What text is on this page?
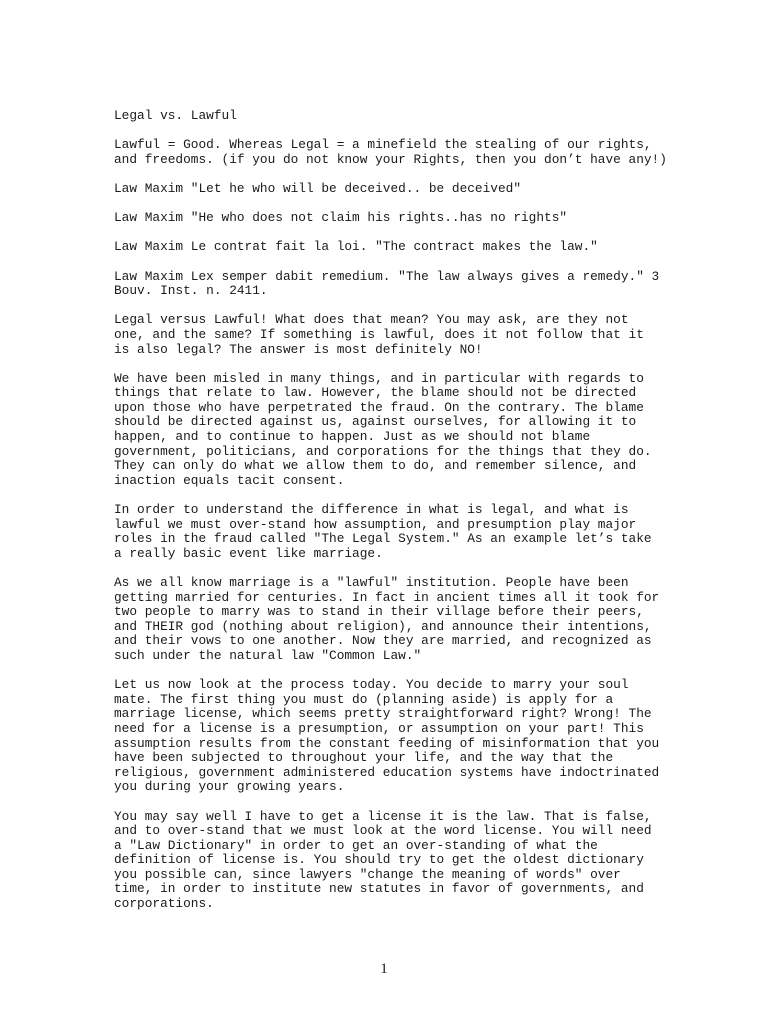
Legal vs. Lawful

Lawful = Good. Whereas Legal = a minefield the stealing of our rights,
and freedoms. (if you do not know your Rights, then you don’t have any!)

Law Maxim "Let he who will be deceived.. be deceived"

Law Maxim "He who does not claim his rights..has no rights"

Law Maxim Le contrat fait la loi. "The contract makes the law."

Law Maxim Lex semper dabit remedium. "The law always gives a remedy." 3
Bouv. Inst. n. 2411.

Legal versus Lawful! What does that mean? You may ask, are they not
one, and the same? If something is lawful, does it not follow that it
is also legal? The answer is most definitely NO!

We have been misled in many things, and in particular with regards to
things that relate to law. However, the blame should not be directed
upon those who have perpetrated the fraud. On the contrary. The blame
should be directed against us, against ourselves, for allowing it to
happen, and to continue to happen. Just as we should not blame
government, politicians, and corporations for the things that they do.
They can only do what we allow them to do, and remember silence, and
inaction equals tacit consent.

In order to understand the difference in what is legal, and what is
lawful we must over-stand how assumption, and presumption play major
roles in the fraud called "The Legal System." As an example let’s take
a really basic event like marriage.

As we all know marriage is a "lawful" institution. People have been
getting married for centuries. In fact in ancient times all it took for
two people to marry was to stand in their village before their peers,
and THEIR god (nothing about religion), and announce their intentions,
and their vows to one another. Now they are married, and recognized as
such under the natural law "Common Law."

Let us now look at the process today. You decide to marry your soul
mate. The first thing you must do (planning aside) is apply for a
marriage license, which seems pretty straightforward right? Wrong! The
need for a license is a presumption, or assumption on your part! This
assumption results from the constant feeding of misinformation that you
have been subjected to throughout your life, and the way that the
religious, government administered education systems have indoctrinated
you during your growing years.

You may say well I have to get a license it is the law. That is false,
and to over-stand that we must look at the word license. You will need
a "Law Dictionary" in order to get an over-standing of what the
definition of license is. You should try to get the oldest dictionary
you possible can, since lawyers "change the meaning of words" over
time, in order to institute new statutes in favor of governments, and
corporations.

1
